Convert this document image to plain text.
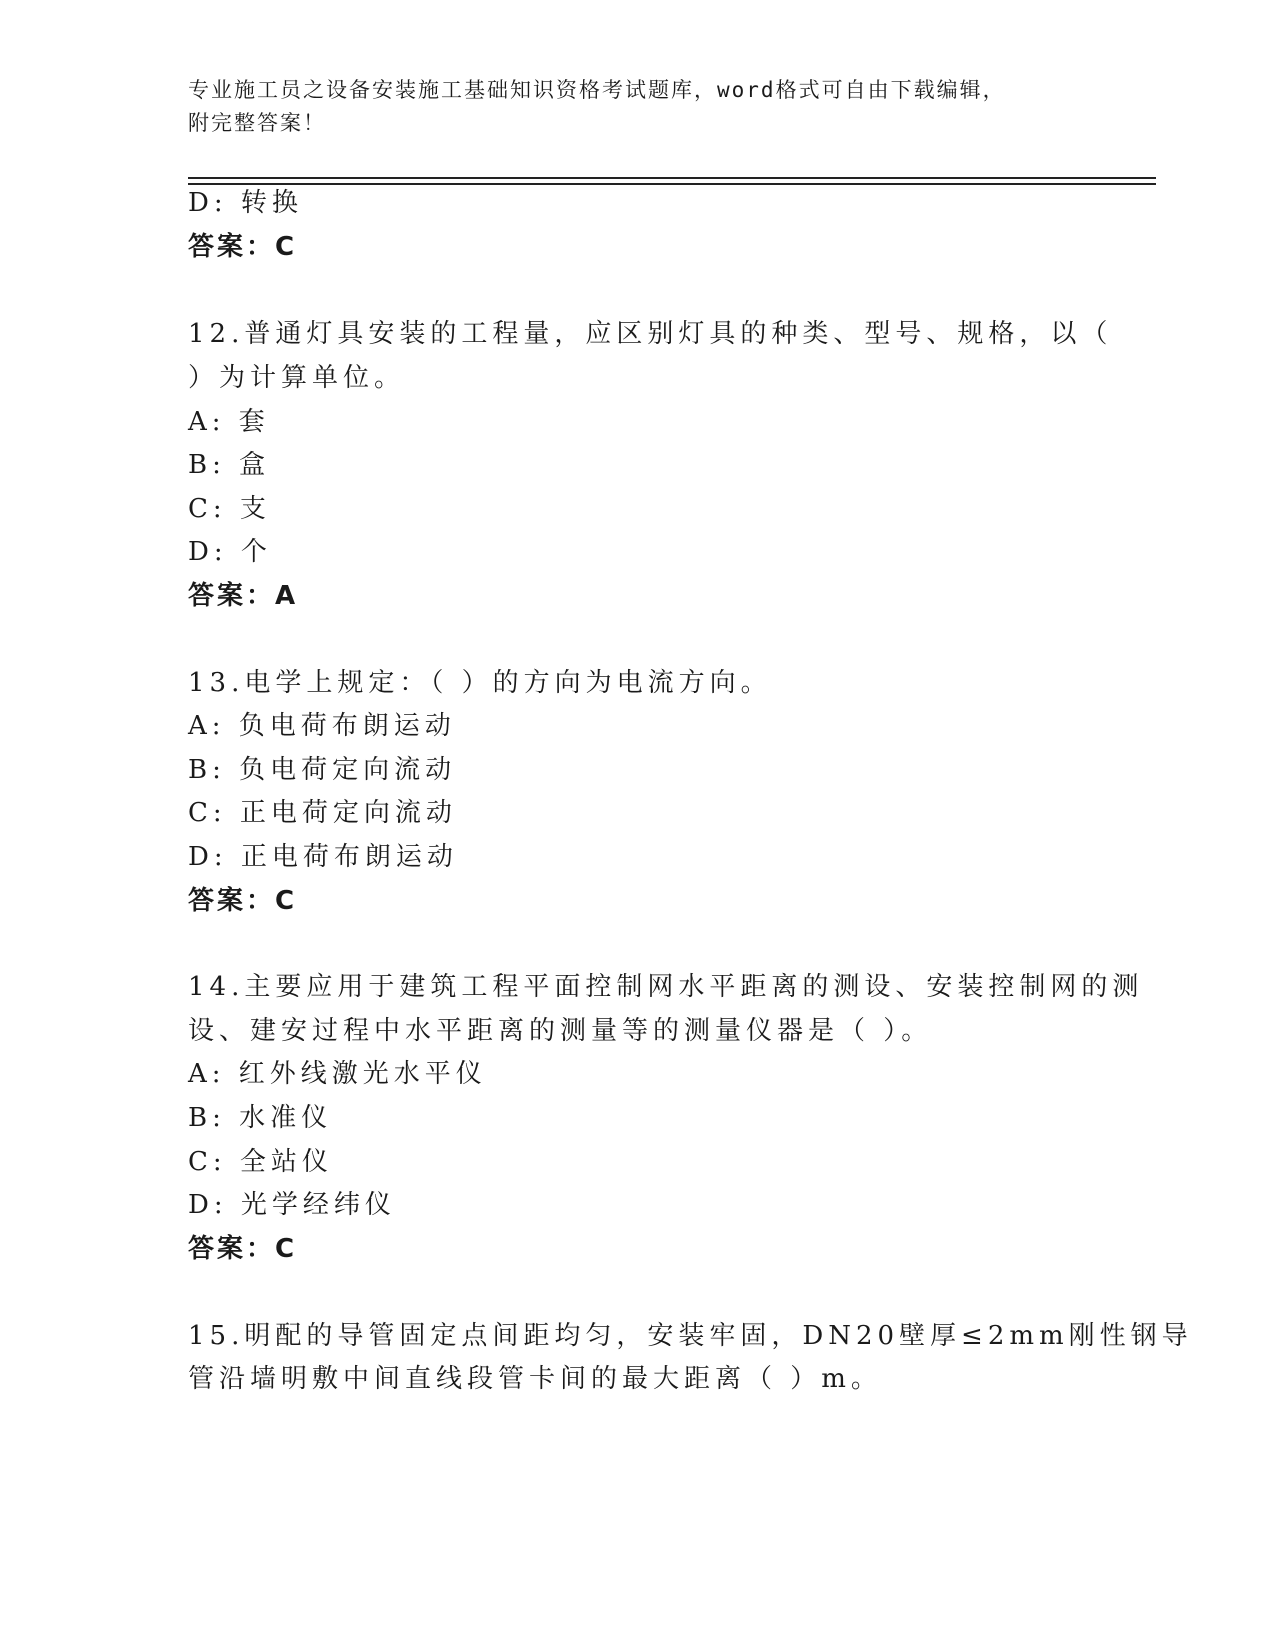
专业施工员之设备安装施工基础知识资格考试题库，word格式可自由下载编辑，
附完整答案！
D: 转换
答案：C
12.普通灯具安装的工程量，应区别灯具的种类、型号、规格，以（
）为计算单位。
A: 套
B: 盒
C: 支
D: 个
答案：A
13.电学上规定：（ ）的方向为电流方向。
A: 负电荷布朗运动
B: 负电荷定向流动
C: 正电荷定向流动
D: 正电荷布朗运动
答案：C
14.主要应用于建筑工程平面控制网水平距离的测设、安装控制网的测
设、建安过程中水平距离的测量等的测量仪器是（ ）。
A: 红外线激光水平仪
B: 水准仪
C: 全站仪
D: 光学经纬仪
答案：C
15.明配的导管固定点间距均匀，安装牢固，DN20壁厚≤2mm刚性钢导
管沿墙明敷中间直线段管卡间的最大距离（ ）m。
